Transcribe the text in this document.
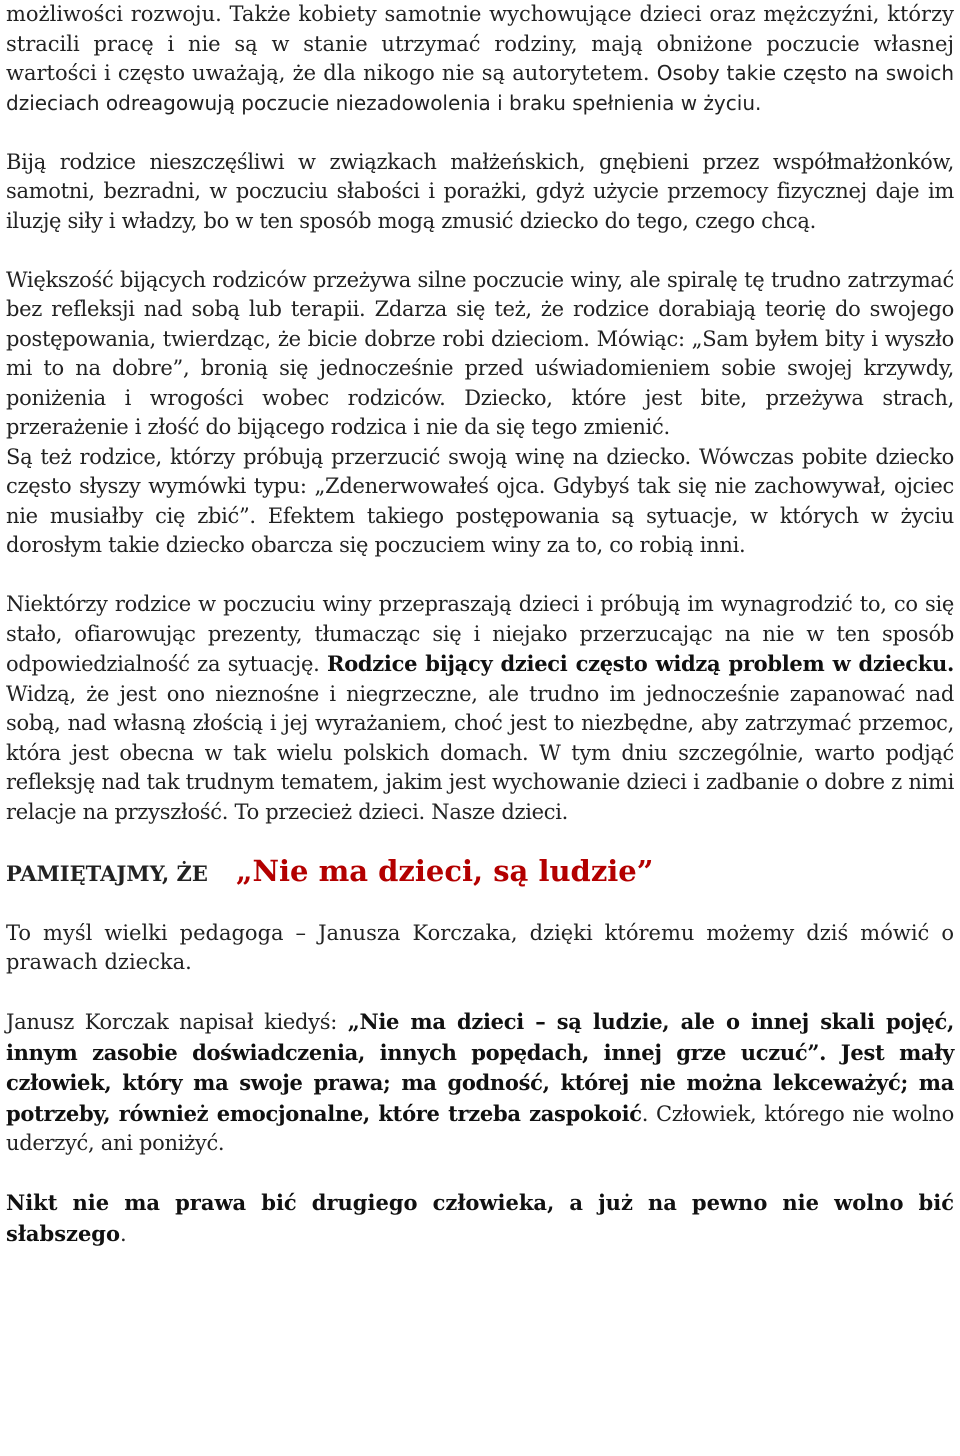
możliwości rozwoju. Także kobiety samotnie wychowujące dzieci oraz mężczyźni, którzy stracili pracę i nie są w stanie utrzymać rodziny, mają obniżone poczucie własnej wartości i często uważają, że dla nikogo nie są autorytetem. Osoby takie często na swoich dzieciach odreagowują poczucie niezadowolenia i braku spełnienia w życiu.

Biją rodzice nieszczęśliwi w związkach małżeńskich, gnębieni przez współmałżonków, samotni, bezradni, w poczuciu słabości i porażki, gdyż użycie przemocy fizycznej daje im iluzję siły i władzy, bo w ten sposób mogą zmusić dziecko do tego, czego chcą.

Większość bijących rodziców przeżywa silne poczucie winy, ale spiralę tę trudno zatrzymać bez refleksji nad sobą lub terapii. Zdarza się też, że rodzice dorabiają teorię do swojego postępowania, twierdząc, że bicie dobrze robi dzieciom. Mówiąc: „Sam byłem bity i wyszło mi to na dobre”, bronią się jednocześnie przed uświadomieniem sobie swojej krzywdy, poniżenia i wrogości wobec rodziców. Dziecko, które jest bite, przeżywa strach, przerażenie i złość do bijącego rodzica i nie da się tego zmienić.

Są też rodzice, którzy próbują przerzucić swoją winę na dziecko. Wówczas pobite dziecko często słyszy wymówki typu: „Zdenerwowałeś ojca. Gdybyś tak się nie zachowywał, ojciec nie musiałby cię zbić”. Efektem takiego postępowania są sytuacje, w których w życiu dorosłym takie dziecko obarcza się poczuciem winy za to, co robią inni.

Niektórzy rodzice w poczuciu winy przepraszają dzieci i próbują im wynagrodzić to, co się stało, ofiarowując prezenty, tłumacząc się i niejako przerzucając na nie w ten sposób odpowiedzialność za sytuację. Rodzice bijący dzieci często widzą problem w dziecku. Widzą, że jest ono nieznośne i niegrzeczne, ale trudno im jednocześnie zapanować nad sobą, nad własną złością i jej wyrażaniem, choć jest to niezbędne, aby zatrzymać przemoc, która jest obecna w tak wielu polskich domach. W tym dniu szczególnie, warto podjąć refleksję nad tak trudnym tematem, jakim jest wychowanie dzieci i zadbanie o dobre z nimi relacje na przyszłość. To przecież dzieci. Nasze dzieci.

PAMIĘTAJMY, ŻE „Nie ma dzieci, są ludzie”

To myśl wielki pedagoga – Janusza Korczaka, dzięki któremu możemy dziś mówić o prawach dziecka.

Janusz Korczak napisał kiedyś: „Nie ma dzieci – są ludzie, ale o innej skali pojęć, innym zasobie doświadczenia, innych popędach, innej grze uczuć”. Jest mały człowiek, który ma swoje prawa; ma godność, której nie można lekceważyć; ma potrzeby, również emocjonalne, które trzeba zaspokoić. Człowiek, którego nie wolno uderzyć, ani poniżyć.

Nikt nie ma prawa bić drugiego człowieka, a już na pewno nie wolno bić słabszego.
